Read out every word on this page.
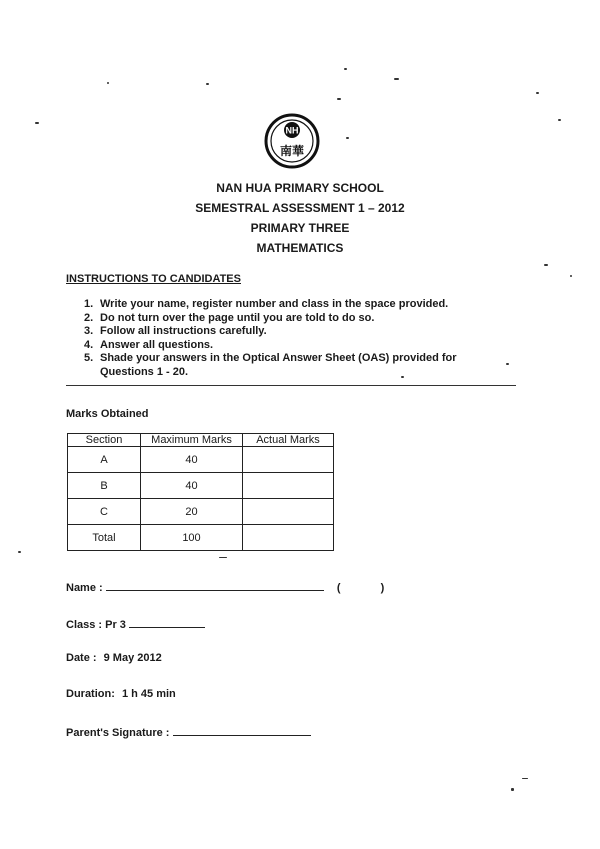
NH
南華
NAN HUA PRIMARY SCHOOL
SEMESTRAL ASSESSMENT 1 – 2012
PRIMARY THREE
MATHEMATICS
INSTRUCTIONS TO CANDIDATES
1. Write your name, register number and class in the space provided.
2. Do not turn over the page until you are told to do so.
3. Follow all instructions carefully.
4. Answer all questions.
5. Shade your answers in the Optical Answer Sheet (OAS) provided for Questions 1 - 20.
Marks Obtained
Section	Maximum Marks	Actual Marks
A	40	
B	40	
C	20	
Total	100	
Name :	(	)
Class : Pr 3
Date : 9 May 2012
Duration: 1 h 45 min
Parent's Signature :
